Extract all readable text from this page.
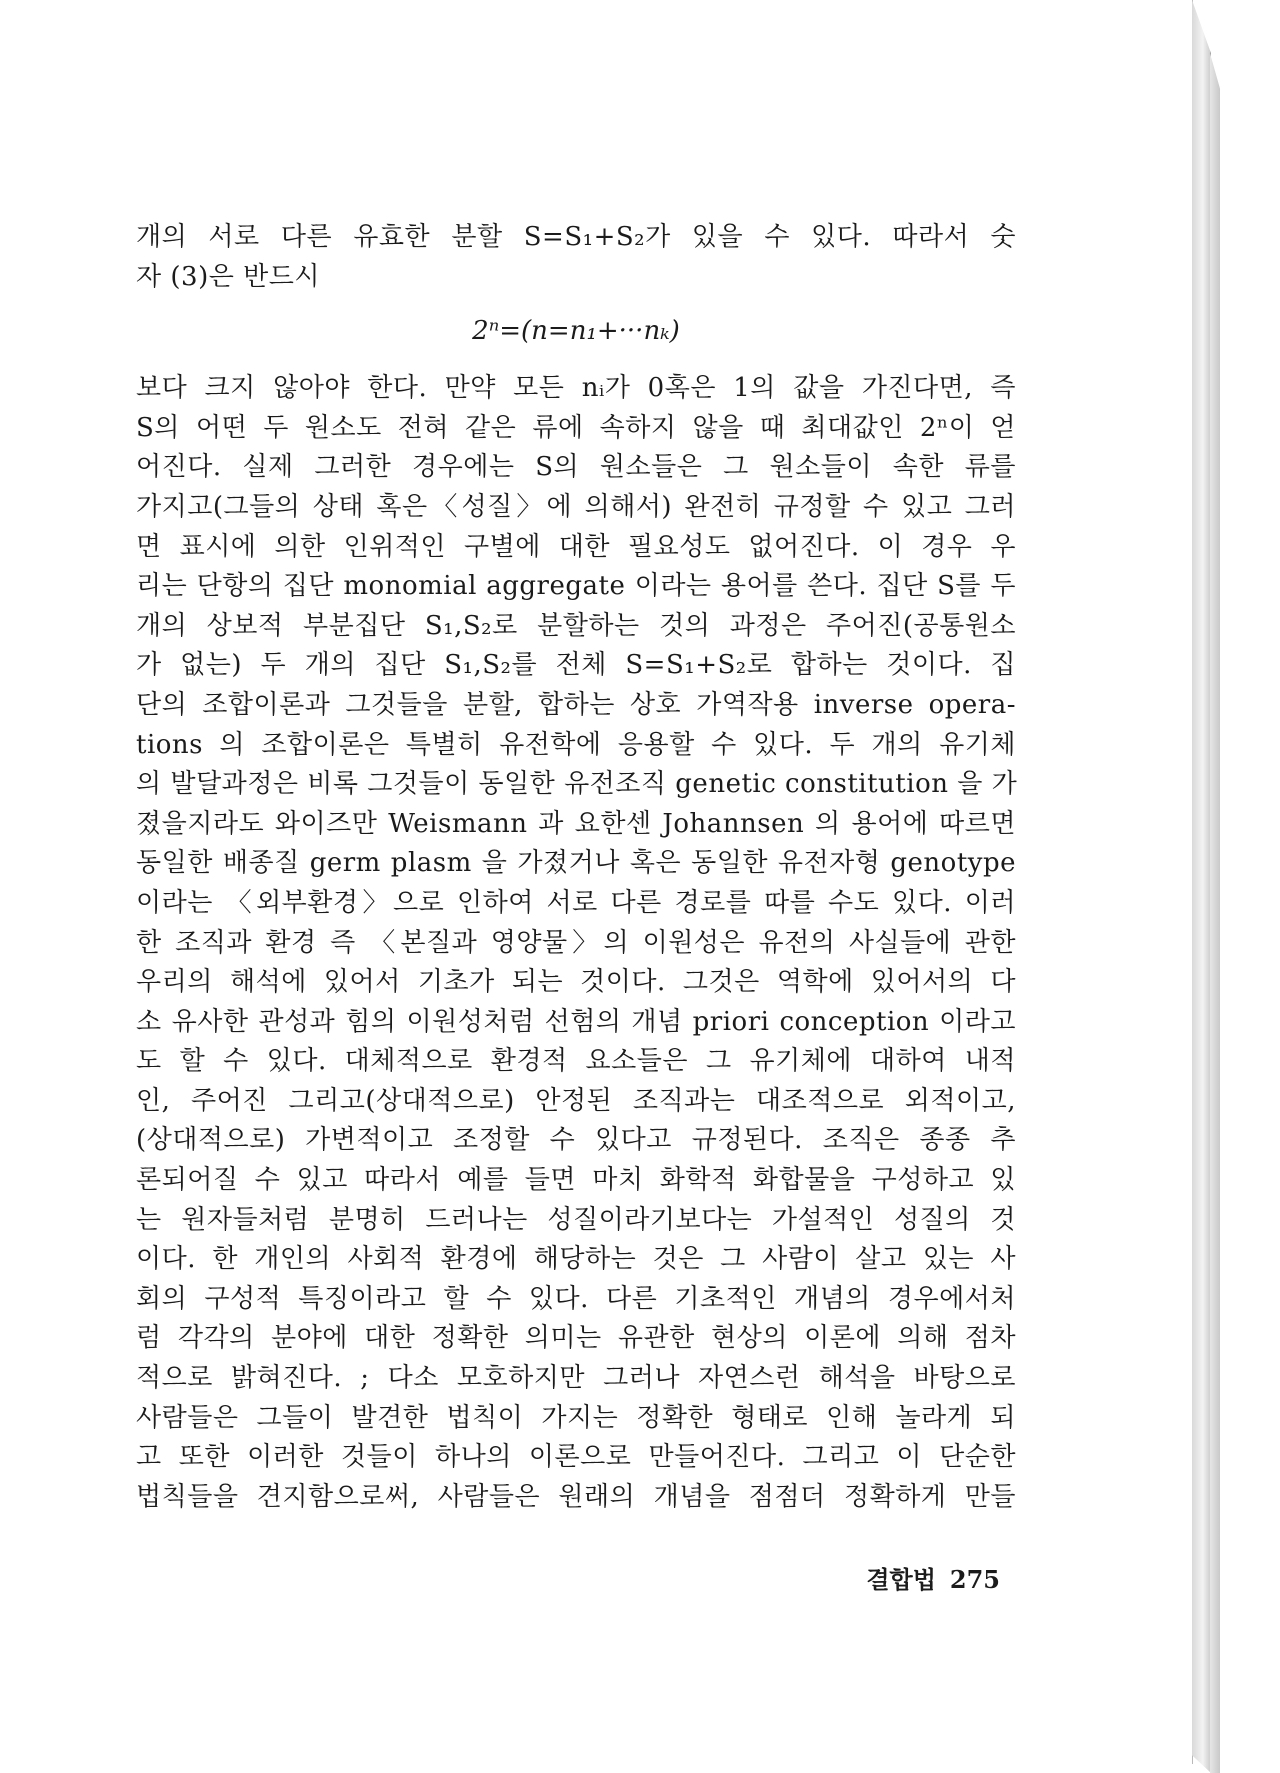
개의 서로 다른 유효한 분할 S=S₁+S₂가 있을 수 있다. 따라서 숫
자 (3)은 반드시
2ⁿ=(n=n₁+···nₖ)
보다 크지 않아야 한다. 만약 모든 nᵢ가 0혹은 1의 값을 가진다면, 즉
S의 어떤 두 원소도 전혀 같은 류에 속하지 않을 때 최대값인 2ⁿ이 얻
어진다. 실제 그러한 경우에는 S의 원소들은 그 원소들이 속한 류를
가지고(그들의 상태 혹은〈성질〉에 의해서) 완전히 규정할 수 있고 그러
면 표시에 의한 인위적인 구별에 대한 필요성도 없어진다. 이 경우 우
리는 단항의 집단 monomial aggregate 이라는 용어를 쓴다. 집단 S를 두
개의 상보적 부분집단 S₁,S₂로 분할하는 것의 과정은 주어진(공통원소
가 없는) 두 개의 집단 S₁,S₂를 전체 S=S₁+S₂로 합하는 것이다. 집
단의 조합이론과 그것들을 분할, 합하는 상호 가역작용 inverse opera-
tions 의 조합이론은 특별히 유전학에 응용할 수 있다. 두 개의 유기체
의 발달과정은 비록 그것들이 동일한 유전조직 genetic constitution 을 가
졌을지라도 와이즈만 Weismann 과 요한센 Johannsen 의 용어에 따르면
동일한 배종질 germ plasm 을 가졌거나 혹은 동일한 유전자형 genotype
이라는 〈외부환경〉으로 인하여 서로 다른 경로를 따를 수도 있다. 이러
한 조직과 환경 즉 〈본질과 영양물〉의 이원성은 유전의 사실들에 관한
우리의 해석에 있어서 기초가 되는 것이다. 그것은 역학에 있어서의 다
소 유사한 관성과 힘의 이원성처럼 선험의 개념 priori conception 이라고
도 할 수 있다. 대체적으로 환경적 요소들은 그 유기체에 대하여 내적
인, 주어진 그리고(상대적으로) 안정된 조직과는 대조적으로 외적이고,
(상대적으로) 가변적이고 조정할 수 있다고 규정된다. 조직은 종종 추
론되어질 수 있고 따라서 예를 들면 마치 화학적 화합물을 구성하고 있
는 원자들처럼 분명히 드러나는 성질이라기보다는 가설적인 성질의 것
이다. 한 개인의 사회적 환경에 해당하는 것은 그 사람이 살고 있는 사
회의 구성적 특징이라고 할 수 있다. 다른 기초적인 개념의 경우에서처
럼 각각의 분야에 대한 정확한 의미는 유관한 현상의 이론에 의해 점차
적으로 밝혀진다. ; 다소 모호하지만 그러나 자연스런 해석을 바탕으로
사람들은 그들이 발견한 법칙이 가지는 정확한 형태로 인해 놀라게 되
고 또한 이러한 것들이 하나의 이론으로 만들어진다. 그리고 이 단순한
법칙들을 견지함으로써, 사람들은 원래의 개념을 점점더 정확하게 만들
결합법 275
